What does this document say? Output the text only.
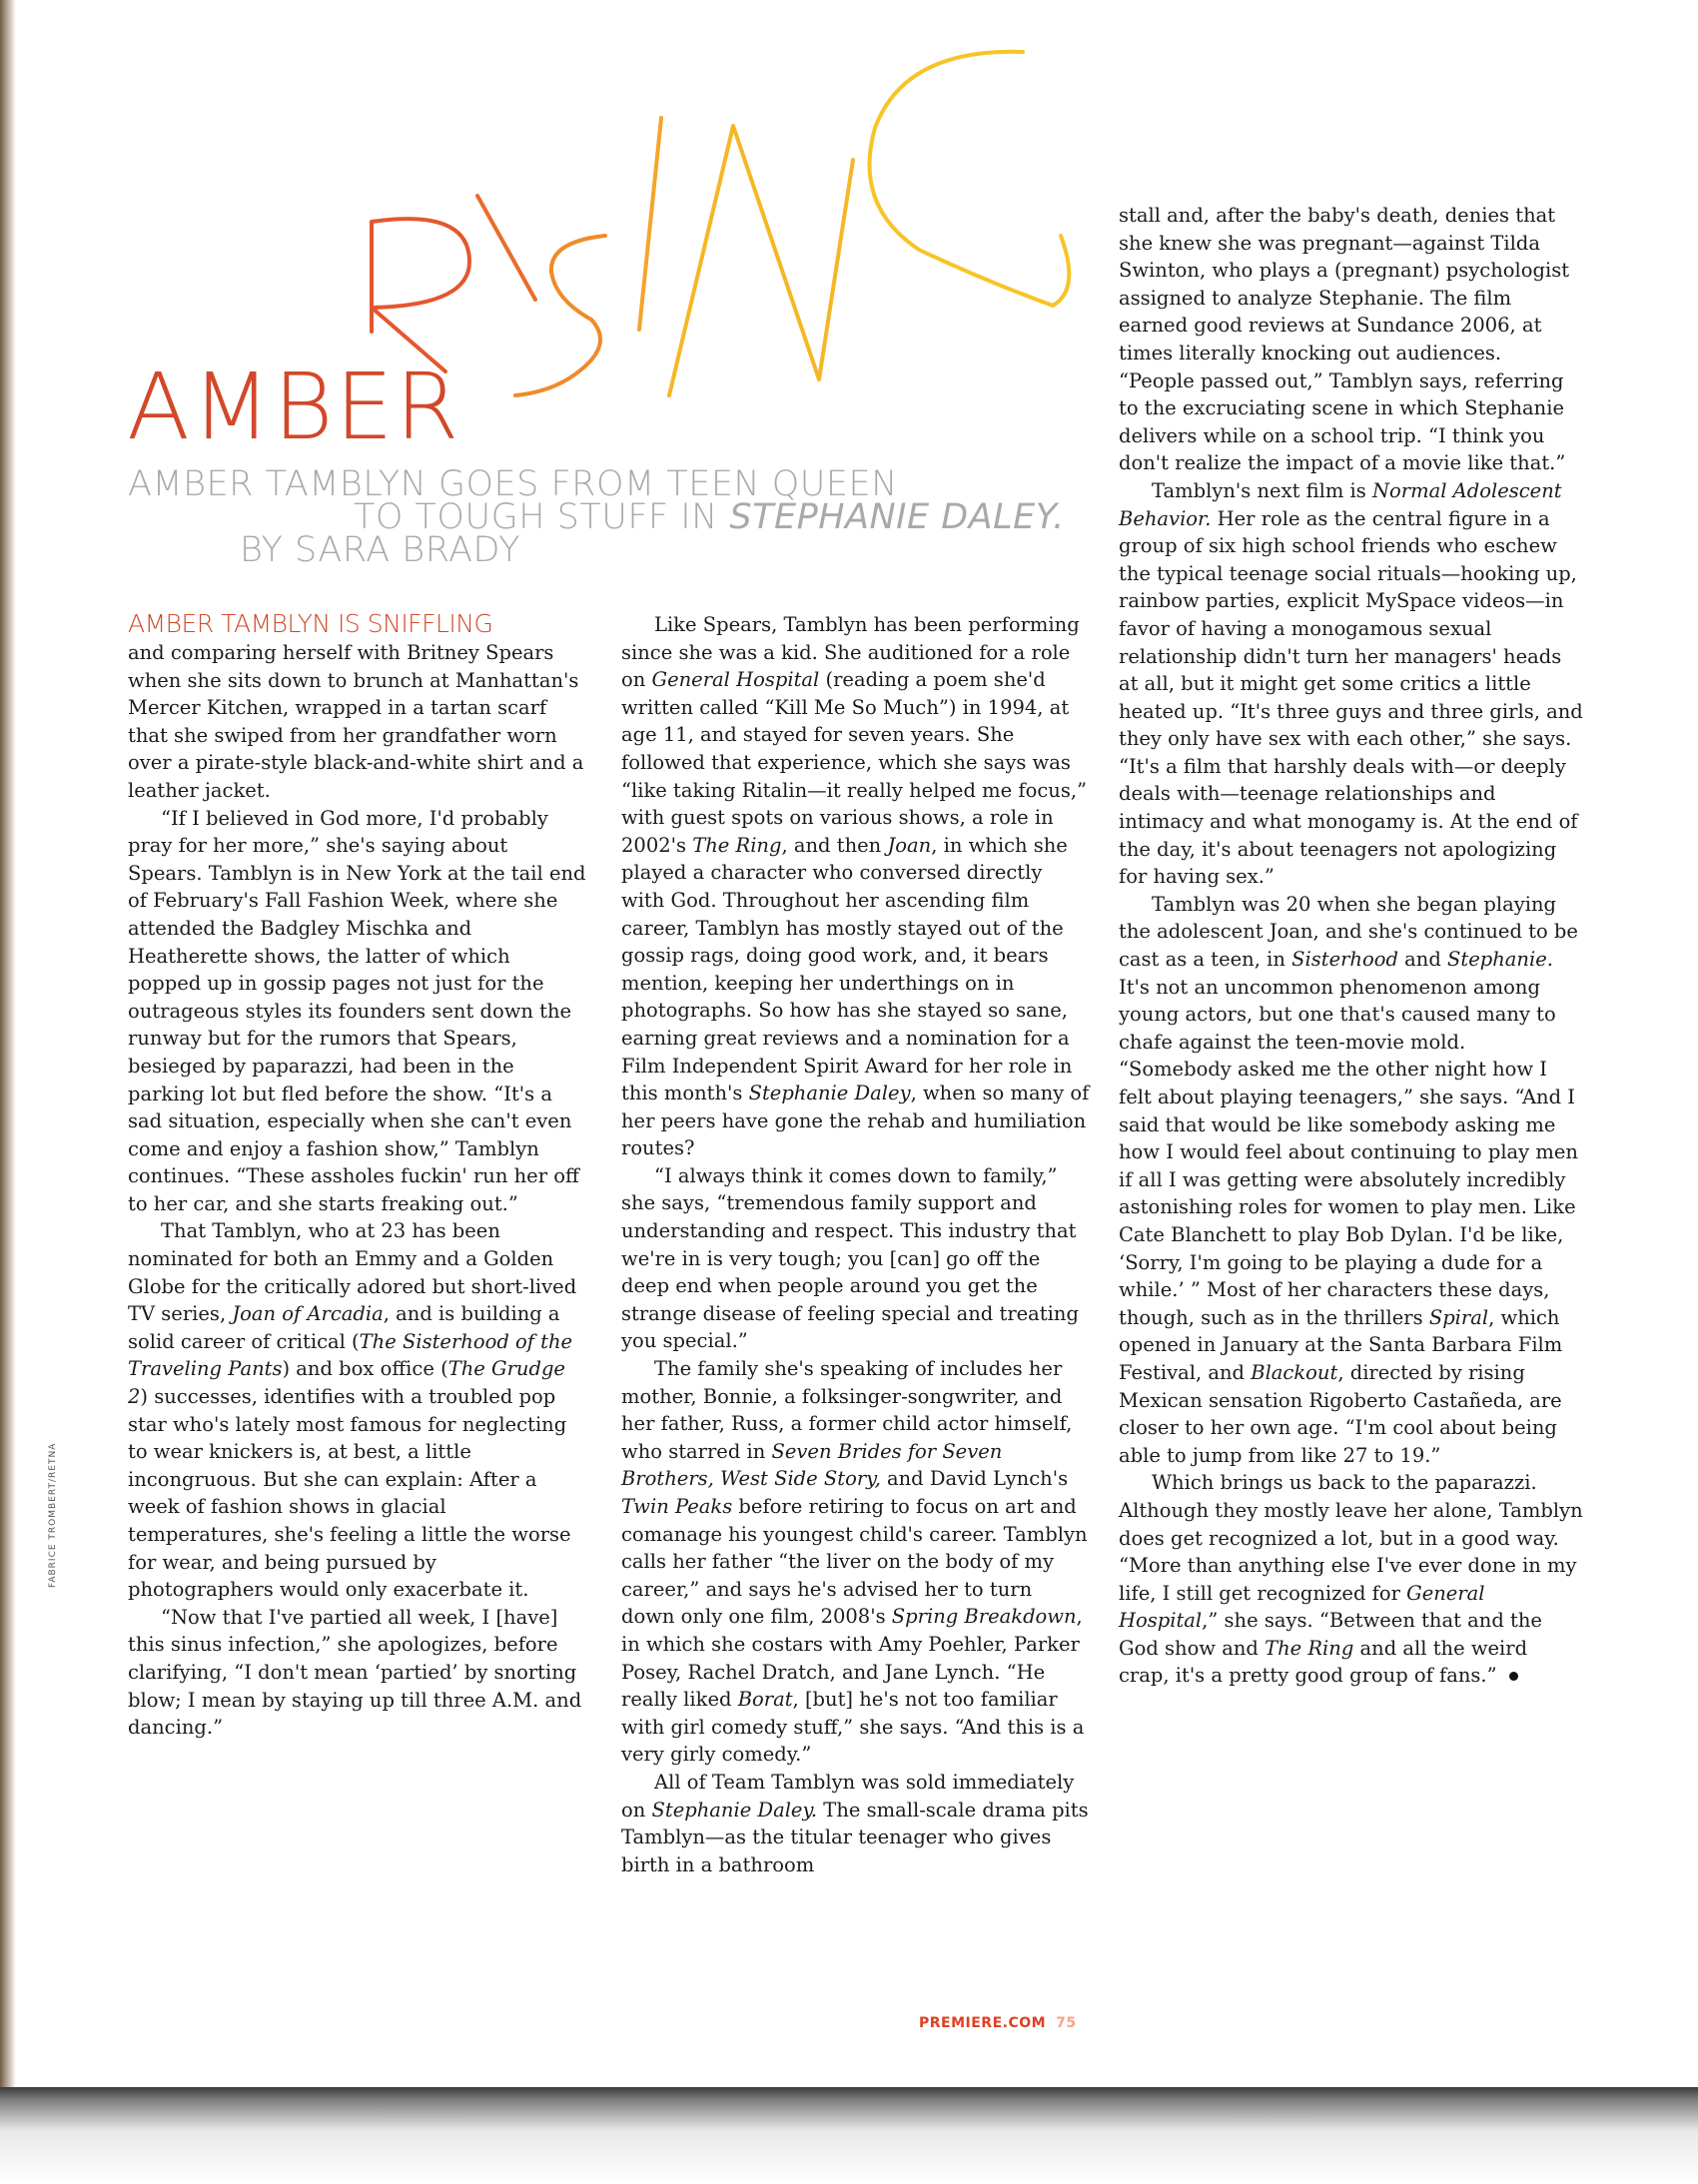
AMBER

AMBER TAMBLYN GOES FROM TEEN QUEEN

TO TOUGH STUFF IN STEPHANIE DALEY.

BY SARA BRADY

AMBER TAMBLYN IS SNIFFLING

and comparing herself with Britney Spears when she sits down to brunch at Manhattan's Mercer Kitchen, wrapped in a tartan scarf that she swiped from her grandfather worn over a pirate-style black-and-white shirt and a leather jacket.

“If I believed in God more, I'd probably pray for her more,” she's saying about Spears. Tamblyn is in New York at the tail end of February's Fall Fashion Week, where she attended the Badgley Mischka and Heatherette shows, the latter of which popped up in gossip pages not just for the outrageous styles its founders sent down the runway but for the rumors that Spears, besieged by paparazzi, had been in the parking lot but fled before the show. “It's a sad situation, especially when she can't even come and enjoy a fashion show,” Tamblyn continues. “These assholes fuckin' run her off to her car, and she starts freaking out.”

That Tamblyn, who at 23 has been nominated for both an Emmy and a Golden Globe for the critically adored but short-lived TV series, Joan of Arcadia, and is building a solid career of critical (The Sisterhood of the Traveling Pants) and box office (The Grudge 2) successes, identifies with a troubled pop star who's lately most famous for neglecting to wear knickers is, at best, a little incongruous. But she can explain: After a week of fashion shows in glacial temperatures, she's feeling a little the worse for wear, and being pursued by photographers would only exacerbate it.

“Now that I've partied all week, I [have] this sinus infection,” she apologizes, before clarifying, “I don't mean ‘partied’ by snorting blow; I mean by staying up till three A.M. and dancing.”

Like Spears, Tamblyn has been performing since she was a kid. She auditioned for a role on General Hospital (reading a poem she'd written called “Kill Me So Much”) in 1994, at age 11, and stayed for seven years. She followed that experience, which she says was “like taking Ritalin—it really helped me focus,” with guest spots on various shows, a role in 2002's The Ring, and then Joan, in which she played a character who conversed directly with God. Throughout her ascending film career, Tamblyn has mostly stayed out of the gossip rags, doing good work, and, it bears mention, keeping her underthings on in photographs. So how has she stayed so sane, earning great reviews and a nomination for a Film Independent Spirit Award for her role in this month's Stephanie Daley, when so many of her peers have gone the rehab and humiliation routes?

“I always think it comes down to family,” she says, “tremendous family support and understanding and respect. This industry that we're in is very tough; you [can] go off the deep end when people around you get the strange disease of feeling special and treating you special.”

The family she's speaking of includes her mother, Bonnie, a folksinger-songwriter, and her father, Russ, a former child actor himself, who starred in Seven Brides for Seven Brothers, West Side Story, and David Lynch's Twin Peaks before retiring to focus on art and comanage his youngest child's career. Tamblyn calls her father “the liver on the body of my career,” and says he's advised her to turn down only one film, 2008's Spring Breakdown, in which she costars with Amy Poehler, Parker Posey, Rachel Dratch, and Jane Lynch. “He really liked Borat, [but] he's not too familiar with girl comedy stuff,” she says. “And this is a very girly comedy.”

All of Team Tamblyn was sold immediately on Stephanie Daley. The small-scale drama pits Tamblyn—as the titular teenager who gives birth in a bathroom

stall and, after the baby's death, denies that she knew she was pregnant—against Tilda Swinton, who plays a (pregnant) psychologist assigned to analyze Stephanie. The film earned good reviews at Sundance 2006, at times literally knocking out audiences. “People passed out,” Tamblyn says, referring to the excruciating scene in which Stephanie delivers while on a school trip. “I think you don't realize the impact of a movie like that.”

Tamblyn's next film is Normal Adolescent Behavior. Her role as the central figure in a group of six high school friends who eschew the typical teenage social rituals—hooking up, rainbow parties, explicit MySpace videos—in favor of having a monogamous sexual relationship didn't turn her managers' heads at all, but it might get some critics a little heated up. “It's three guys and three girls, and they only have sex with each other,” she says. “It's a film that harshly deals with—or deeply deals with—teenage relationships and intimacy and what monogamy is. At the end of the day, it's about teenagers not apologizing for having sex.”

Tamblyn was 20 when she began playing the adolescent Joan, and she's continued to be cast as a teen, in Sisterhood and Stephanie. It's not an uncommon phenomenon among young actors, but one that's caused many to chafe against the teen-movie mold. “Somebody asked me the other night how I felt about playing teenagers,” she says. “And I said that would be like somebody asking me how I would feel about continuing to play men if all I was getting were absolutely incredibly astonishing roles for women to play men. Like Cate Blanchett to play Bob Dylan. I'd be like, ‘Sorry, I'm going to be playing a dude for a while.’ ” Most of her characters these days, though, such as in the thrillers Spiral, which opened in January at the Santa Barbara Film Festival, and Blackout, directed by rising Mexican sensation Rigoberto Castañeda, are closer to her own age. “I'm cool about being able to jump from like 27 to 19.”

Which brings us back to the paparazzi. Although they mostly leave her alone, Tamblyn does get recognized a lot, but in a good way. “More than anything else I've ever done in my life, I still get recognized for General Hospital,” she says. “Between that and the God show and The Ring and all the weird crap, it's a pretty good group of fans.”

FABRICE TROMBERT/RETNA
PREMIERE.COM 75
